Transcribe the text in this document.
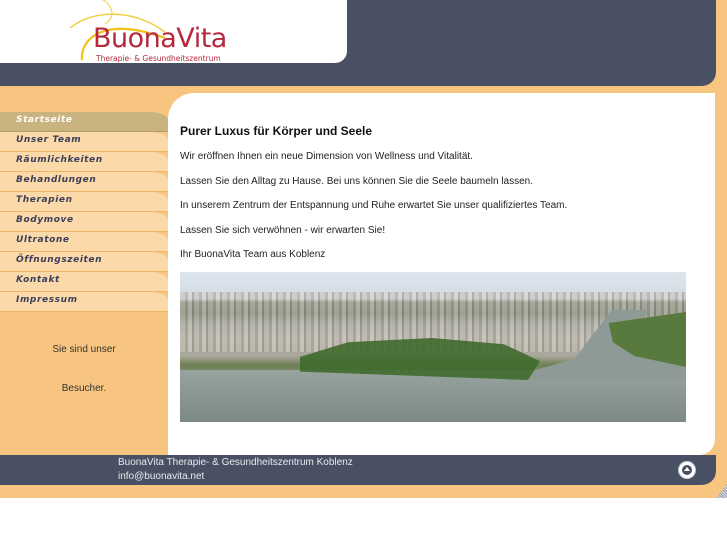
BuonaVita
Therapie- & Gesundheitszentrum
Startseite
Unser Team
Räumlichkeiten
Behandlungen
Therapien
Bodymove
Ultratone
Öffnungszeiten
Kontakt
Impressum
Sie sind unser
Besucher.
Purer Luxus für Körper und Seele

Wir eröffnen Ihnen ein neue Dimension von Wellness und Vitalität.

Lassen Sie den Alltag zu Hause. Bei uns können Sie die Seele baumeln lassen.

In unserem Zentrum der Entspannung und Ruhe erwartet Sie unser qualifiziertes Team.

Lassen Sie sich verwöhnen - wir erwarten Sie!

Ihr BuonaVita Team aus Koblenz

BuonaVita Therapie- & Gesundheitszentrum Koblenz
info@buonavita.net
